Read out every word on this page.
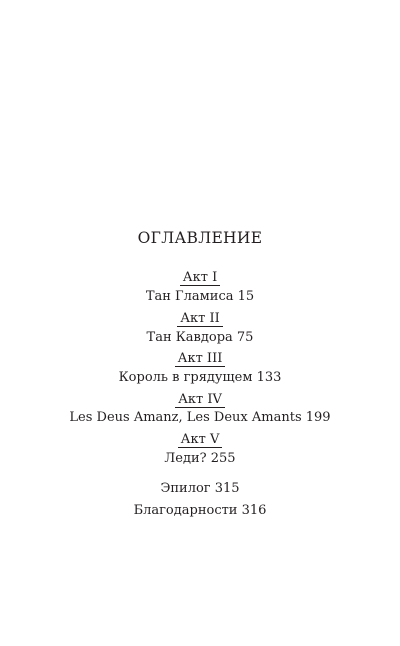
ОГЛАВЛЕНИЕ
Акт I
Тан Гламиса 15
Акт II
Тан Кавдора 75
Акт III
Король в грядущем 133
Акт IV
Les Deus Amanz, Les Deux Amants 199
Акт V
Леди? 255
Эпилог 315
Благодарности 316
